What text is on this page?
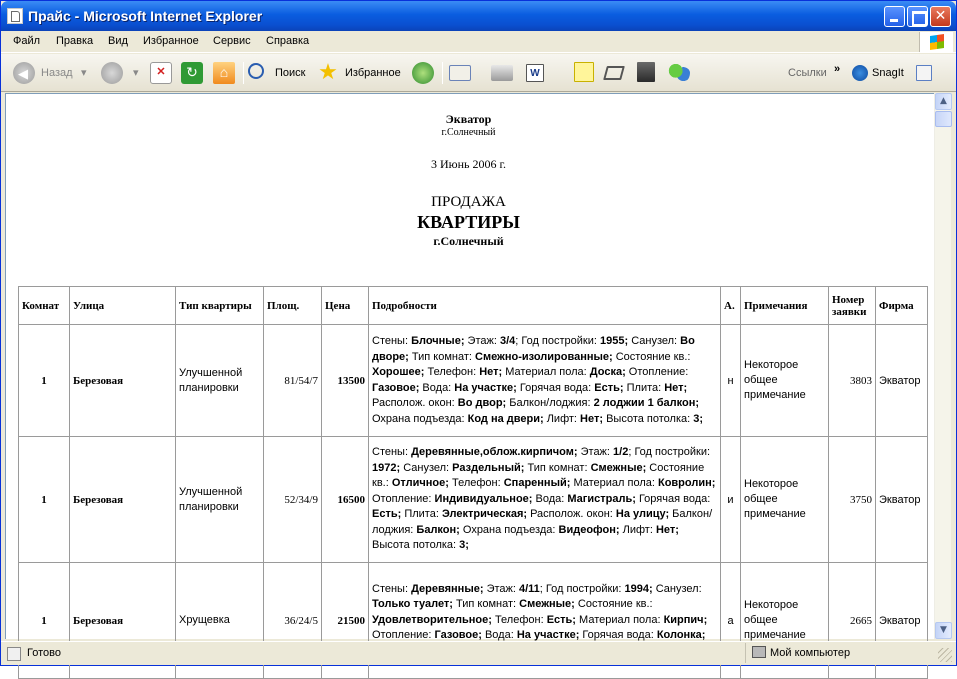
Прайс - Microsoft Internet Explorer
✕
Файл Правка Вид Избранное Сервис Справка
◀ Назад ▾	▾	✕	↻	⌂	Поиск ★ Избранное	W	Ссылки »	SnagIt
Экватор
г.Солнечный
3 Июнь 2006 г.
ПРОДАЖА
КВАРТИРЫ
г.Солнечный
Комнат	Улица	Тип квартиры	Площ.	Цена	Подробности	А.	Примечания	Номер заявки	Фирма
1	Березовая	Улучшенной планировки	81/54/7	13500	Стены: Блочные; Этаж: 3/4; Год постройки: 1955; Санузел: Во дворе; Тип комнат: Смежно-изолированные; Состояние кв.: Хорошее; Телефон: Нет; Материал пола: Доска; Отопление: Газовое; Вода: На участке; Горячая вода: Есть; Плита: Нет; Располож. окон: Во двор; Балкон/лоджия: 2 лоджии 1 балкон; Охрана подъезда: Код на двери; Лифт: Нет; Высота потолка: 3;	н	Некоторое общее примечание	3803	Экватор
1	Березовая	Улучшенной планировки	52/34/9	16500	Стены: Деревянные,облож.кирпичом; Этаж: 1/2; Год постройки: 1972; Санузел: Раздельный; Тип комнат: Смежные; Состояние кв.: Отличное; Телефон: Спаренный; Материал пола: Ковролин; Отопление: Индивидуальное; Вода: Магистраль; Горячая вода: Есть; Плита: Электрическая; Располож. окон: На улицу; Балкон/лоджия: Балкон; Охрана подъезда: Видеофон; Лифт: Нет; Высота потолка: 3;	и	Некоторое общее примечание	3750	Экватор
1	Березовая	Хрущевка	36/24/5	21500	Стены: Деревянные; Этаж: 4/11; Год постройки: 1994; Санузел: Только туалет; Тип комнат: Смежные; Состояние кв.: Удовлетворительное; Телефон: Есть; Материал пола: Кирпич; Отопление: Газовое; Вода: На участке; Горячая вода: Колонка;	а	Некоторое общее примечание	2665	Экватор
▲
▼
Готово	Мой компьютер
